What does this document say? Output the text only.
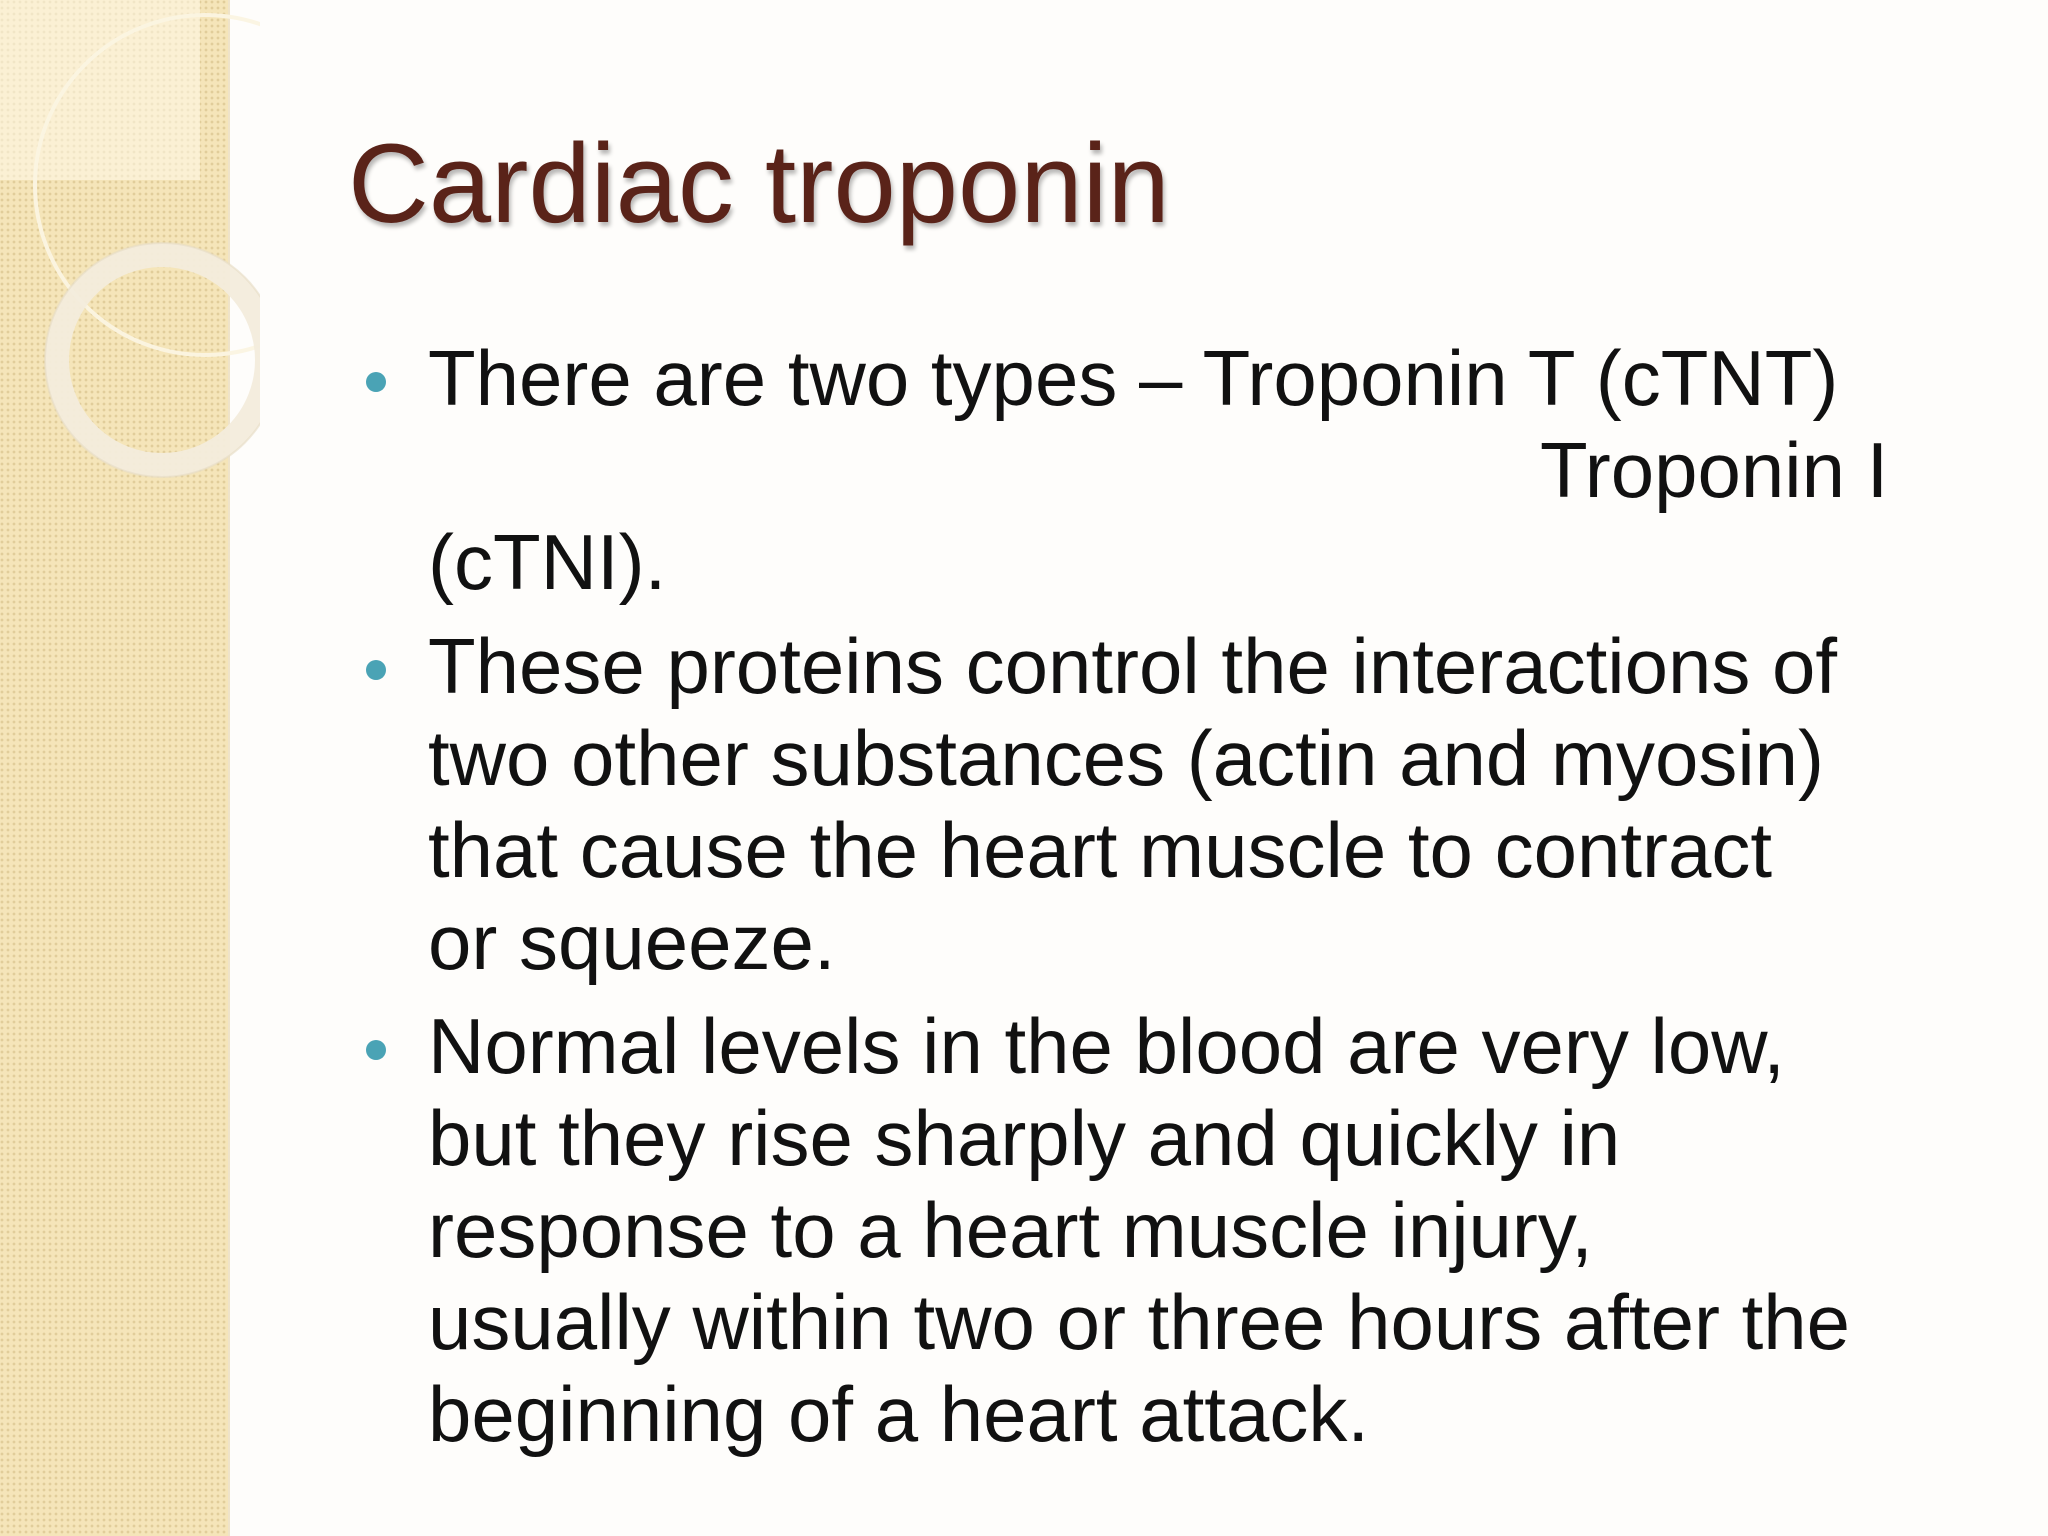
Cardiac troponin
There are two types – Troponin T (cTNT)
Troponin I
(cTNI).
These proteins control the interactions of
two other substances (actin and myosin)
that cause the heart muscle to contract
or squeeze.
Normal levels in the blood are very low,
but they rise sharply and quickly in
response to a heart muscle injury,
usually within two or three hours after the
beginning of a heart attack.
